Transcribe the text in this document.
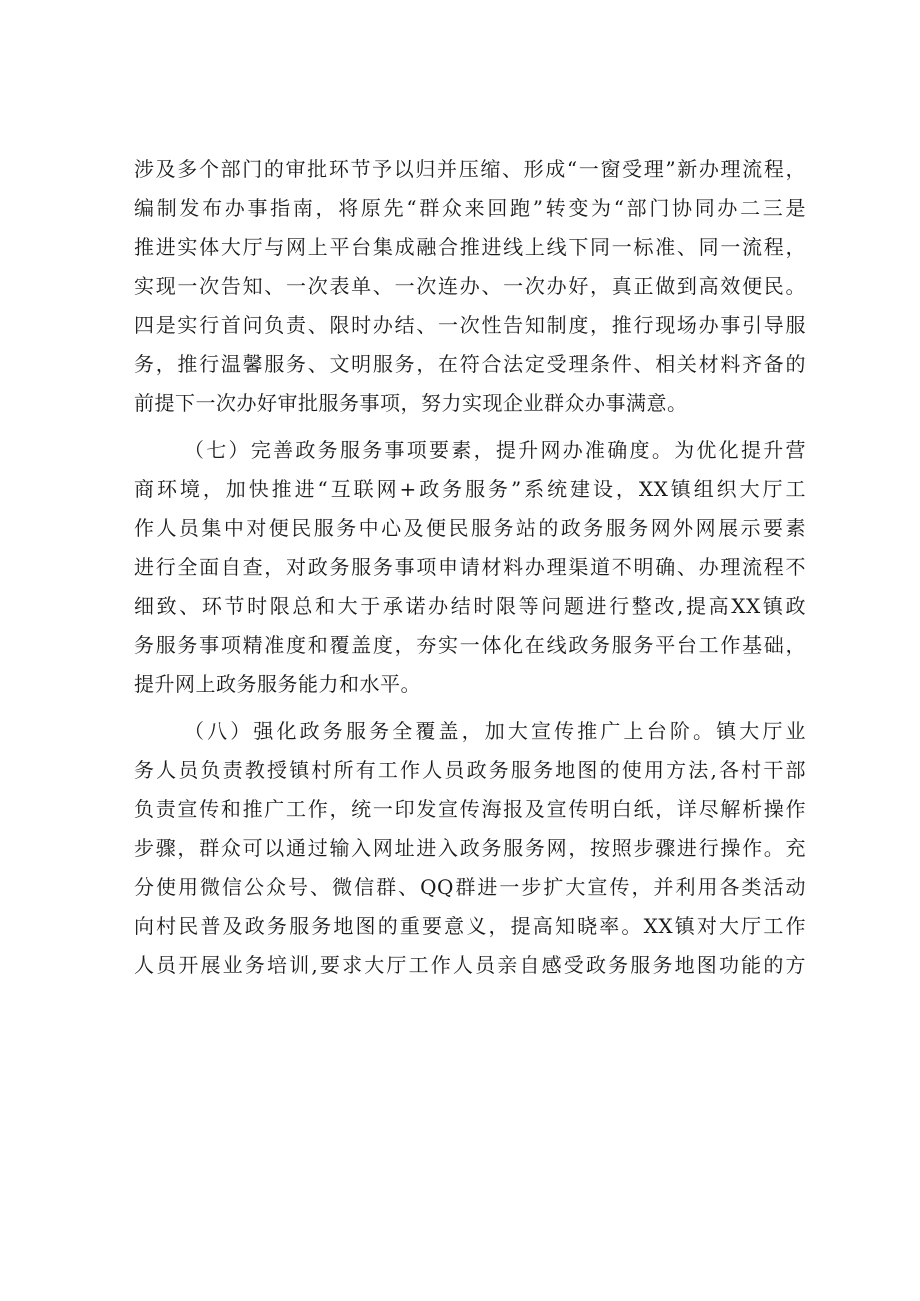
涉及多个部门的审批环节予以归并压缩、形成“一窗受理”新办理流程，
编制发布办事指南，将原先“群众来回跑”转变为“部门协同办二三是
推进实体大厅与网上平台集成融合推进线上线下同一标准、同一流程，
实现一次告知、一次表单、一次连办、一次办好，真正做到高效便民。
四是实行首问负责、限时办结、一次性告知制度，推行现场办事引导服
务，推行温馨服务、文明服务，在符合法定受理条件、相关材料齐备的
前提下一次办好审批服务事项，努力实现企业群众办事满意。
（七）完善政务服务事项要素，提升网办准确度。为优化提升营
商环境，加快推进“互联网+政务服务”系统建设，XX镇组织大厅工
作人员集中对便民服务中心及便民服务站的政务服务网外网展示要素
进行全面自查，对政务服务事项申请材料办理渠道不明确、办理流程不
细致、环节时限总和大于承诺办结时限等问题进行整改,提高XX镇政
务服务事项精准度和覆盖度，夯实一体化在线政务服务平台工作基础，
提升网上政务服务能力和水平。
（八）强化政务服务全覆盖，加大宣传推广上台阶。镇大厅业
务人员负责教授镇村所有工作人员政务服务地图的使用方法,各村干部
负责宣传和推广工作，统一印发宣传海报及宣传明白纸，详尽解析操作
步骤，群众可以通过输入网址进入政务服务网，按照步骤进行操作。充
分使用微信公众号、微信群、QQ群进一步扩大宣传，并利用各类活动
向村民普及政务服务地图的重要意义，提高知晓率。XX镇对大厅工作
人员开展业务培训,要求大厅工作人员亲自感受政务服务地图功能的方
